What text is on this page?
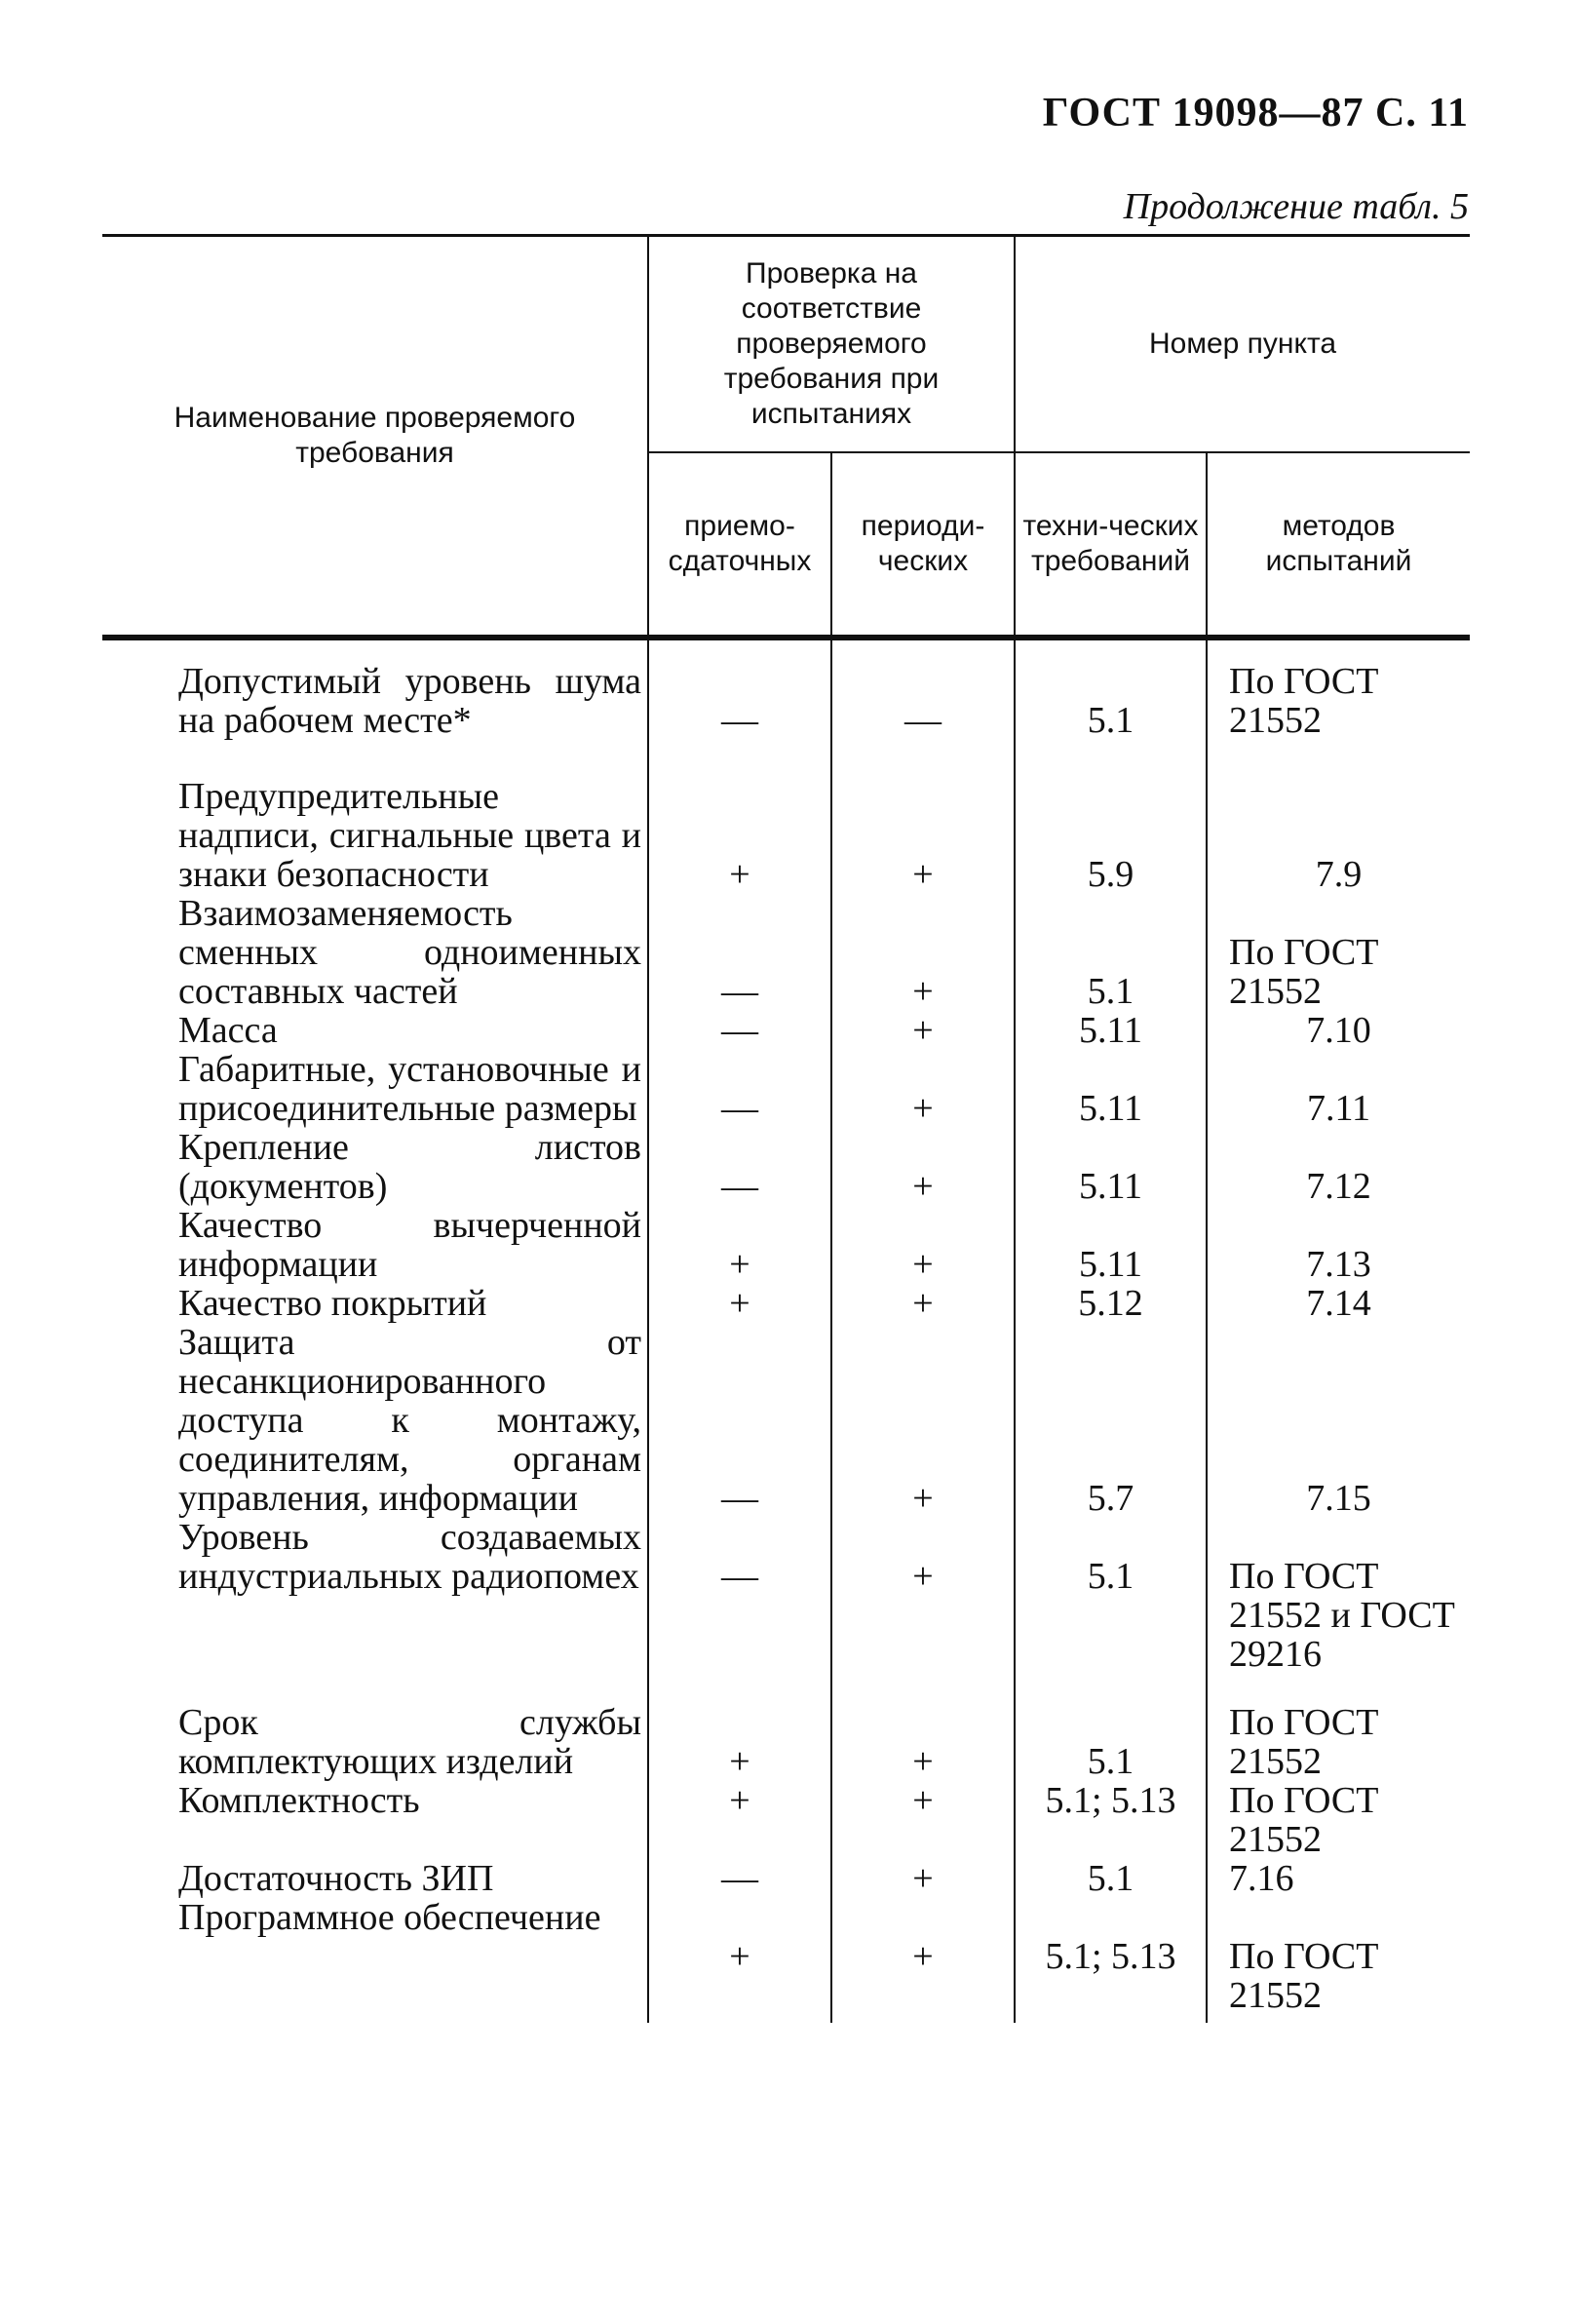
ГОСТ 19098—87 С. 11
Продолжение табл. 5
Наименование проверяемого требования	Проверка на соответствие проверяемого требования при испытаниях		Номер пункта	
	приемо-сдаточных	периоди-ческих	техни-ческих требований	методов испытаний
Допустимый уровень шума на рабочем месте*	—	—	5.1	По ГОСТ 21552
Предупредительные надписи, сигнальные цвета и знаки безопасности	+	+	5.9	7.9
Взаимозаменяемость сменных одноименных составных частей	—	+	5.1	По ГОСТ 21552
Масса	—	+	5.11	7.10
Габаритные, установочные и присоединительные размеры	—	+	5.11	7.11
Крепление листов (документов)	—	+	5.11	7.12
Качество вычерченной информации	+	+	5.11	7.13
Качество покрытий	+	+	5.12	7.14
Защита от несанкционированного доступа к монтажу, соединителям, органам управления, информации	—	+	5.7	7.15
Уровень создаваемых индустриальных радиопомех	—	+	5.1	По ГОСТ 21552 и ГОСТ 29216
Срок службы комплектующих изделий	+	+	5.1	По ГОСТ 21552
Комплектность	+	+	5.1; 5.13	По ГОСТ 21552
Достаточность ЗИП	—	+	5.1	7.16
Программное обеспечение	+	+	5.1; 5.13	По ГОСТ 21552
